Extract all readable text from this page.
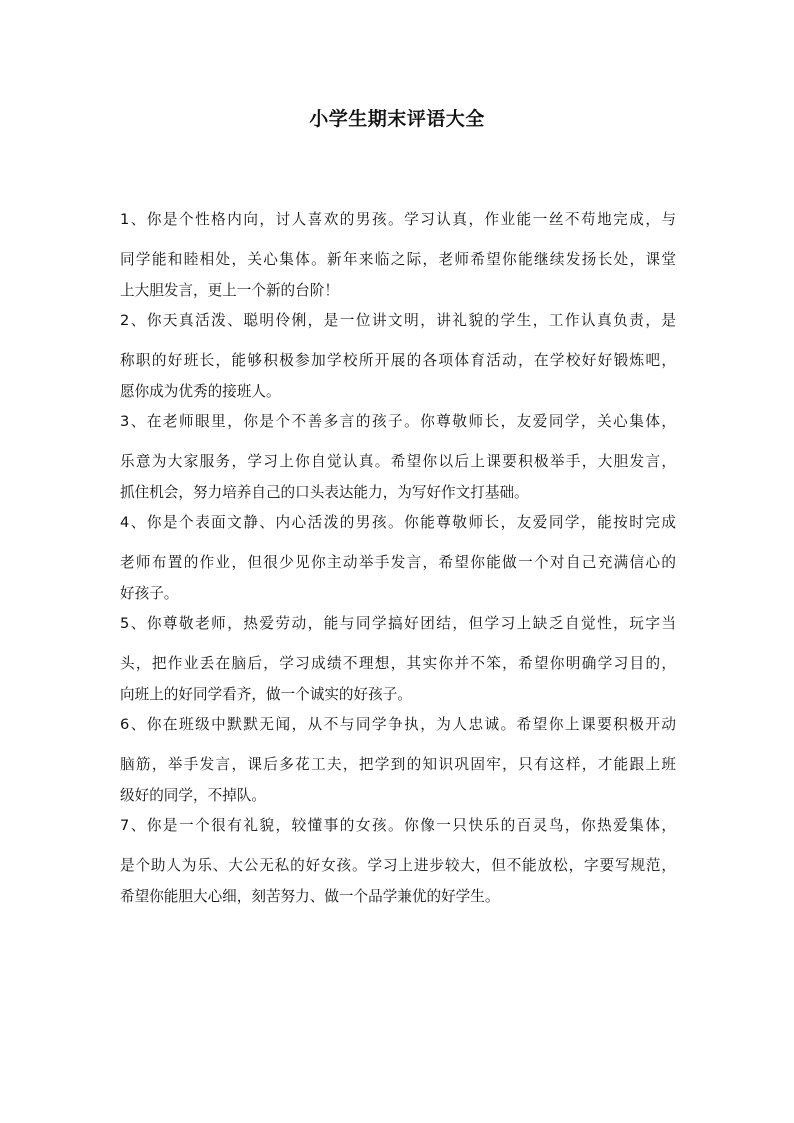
小学生期末评语大全

1、你是个性格内向，讨人喜欢的男孩。学习认真，作业能一丝不苟地完成，与
同学能和睦相处，关心集体。新年来临之际，老师希望你能继续发扬长处，课堂
上大胆发言，更上一个新的台阶！

2、你天真活泼、聪明伶俐，是一位讲文明，讲礼貌的学生，工作认真负责，是
称职的好班长，能够积极参加学校所开展的各项体育活动，在学校好好锻炼吧，
愿你成为优秀的接班人。

3、在老师眼里，你是个不善多言的孩子。你尊敬师长，友爱同学，关心集体，
乐意为大家服务，学习上你自觉认真。希望你以后上课要积极举手，大胆发言，
抓住机会，努力培养自己的口头表达能力，为写好作文打基础。

4、你是个表面文静、内心活泼的男孩。你能尊敬师长，友爱同学，能按时完成
老师布置的作业，但很少见你主动举手发言，希望你能做一个对自己充满信心的
好孩子。

5、你尊敬老师，热爱劳动，能与同学搞好团结，但学习上缺乏自觉性，玩字当
头，把作业丢在脑后，学习成绩不理想，其实你并不笨，希望你明确学习目的，
向班上的好同学看齐，做一个诚实的好孩子。

6、你在班级中默默无闻，从不与同学争执，为人忠诚。希望你上课要积极开动
脑筋，举手发言，课后多花工夫，把学到的知识巩固牢，只有这样，才能跟上班
级好的同学，不掉队。

7、你是一个很有礼貌，较懂事的女孩。你像一只快乐的百灵鸟，你热爱集体，
是个助人为乐、大公无私的好女孩。学习上进步较大，但不能放松，字要写规范，
希望你能胆大心细，刻苦努力、做一个品学兼优的好学生。
